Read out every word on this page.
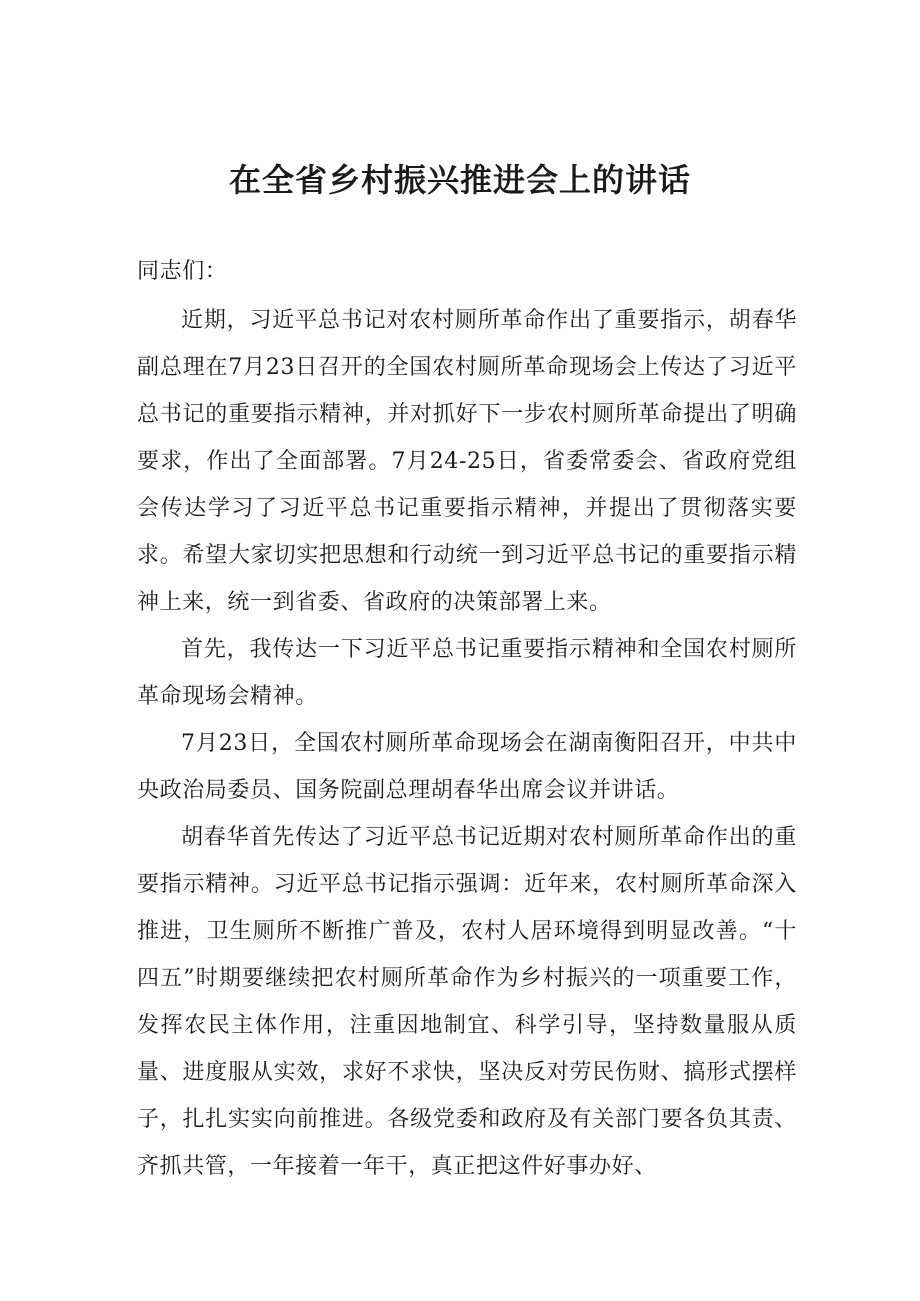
在全省乡村振兴推进会上的讲话

同志们：

近期，习近平总书记对农村厕所革命作出了重要指示，胡春华副总理在7月23日召开的全国农村厕所革命现场会上传达了习近平总书记的重要指示精神，并对抓好下一步农村厕所革命提出了明确要求，作出了全面部署。7月24-25日，省委常委会、省政府党组会传达学习了习近平总书记重要指示精神，并提出了贯彻落实要求。希望大家切实把思想和行动统一到习近平总书记的重要指示精神上来，统一到省委、省政府的决策部署上来。

首先，我传达一下习近平总书记重要指示精神和全国农村厕所革命现场会精神。

7月23日，全国农村厕所革命现场会在湖南衡阳召开，中共中央政治局委员、国务院副总理胡春华出席会议并讲话。

胡春华首先传达了习近平总书记近期对农村厕所革命作出的重要指示精神。习近平总书记指示强调：近年来，农村厕所革命深入推进，卫生厕所不断推广普及，农村人居环境得到明显改善。“十四五”时期要继续把农村厕所革命作为乡村振兴的一项重要工作，发挥农民主体作用，注重因地制宜、科学引导，坚持数量服从质量、进度服从实效，求好不求快，坚决反对劳民伤财、搞形式摆样子，扎扎实实向前推进。各级党委和政府及有关部门要各负其责、齐抓共管，一年接着一年干，真正把这件好事办好、
